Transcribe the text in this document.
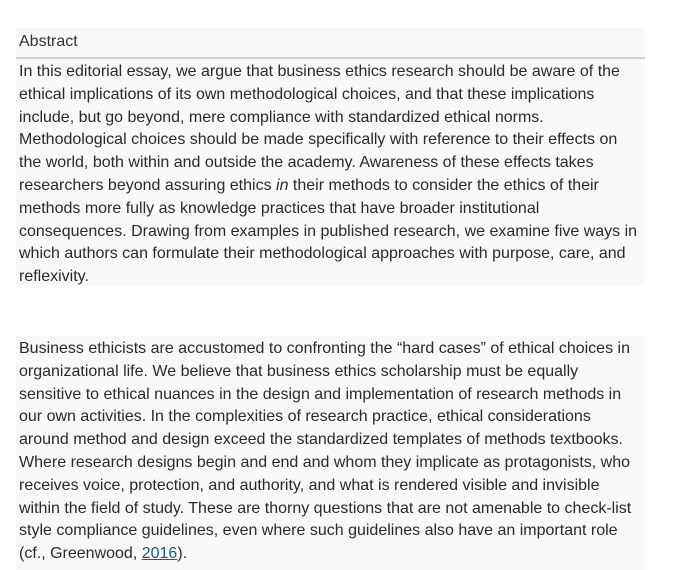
Abstract
In this editorial essay, we argue that business ethics research should be aware of the ethical implications of its own methodological choices, and that these implications include, but go beyond, mere compliance with standardized ethical norms. Methodological choices should be made specifically with reference to their effects on the world, both within and outside the academy. Awareness of these effects takes researchers beyond assuring ethics in their methods to consider the ethics of their methods more fully as knowledge practices that have broader institutional consequences. Drawing from examples in published research, we examine five ways in which authors can formulate their methodological approaches with purpose, care, and reflexivity.
Business ethicists are accustomed to confronting the “hard cases” of ethical choices in organizational life. We believe that business ethics scholarship must be equally sensitive to ethical nuances in the design and implementation of research methods in our own activities. In the complexities of research practice, ethical considerations around method and design exceed the standardized templates of methods textbooks. Where research designs begin and end and whom they implicate as protagonists, who receives voice, protection, and authority, and what is rendered visible and invisible within the field of study. These are thorny questions that are not amenable to check-list style compliance guidelines, even where such guidelines also have an important role (cf., Greenwood, 2016).
